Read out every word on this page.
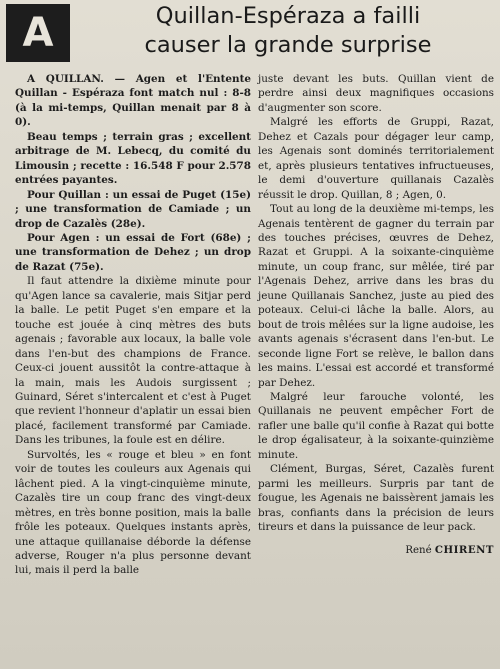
A	Quillan-Espéraza a failli
causer la grande surprise

A QUILLAN. — Agen et l'Entente Quillan - Espéraza font match nul : 8-8 (à la mi-temps, Quillan menait par 8 à 0).

Beau temps ; terrain gras ; excellent arbitrage de M. Lebecq, du comité du Limousin ; recette : 16.548 F pour 2.578 entrées payantes.

Pour Quillan : un essai de Puget (15e) ; une transformation de Camiade ; un drop de Cazalès (28e).

Pour Agen : un essai de Fort (68e) ; une transformation de Dehez ; un drop de Razat (75e).

Il faut attendre la dixième minute pour qu'Agen lance sa cavalerie, mais Sitjar perd la balle. Le petit Puget s'en empare et la touche est jouée à cinq mètres des buts agenais ; favorable aux locaux, la balle vole dans l'en-but des champions de France. Ceux-ci jouent aussitôt la contre-attaque à la main, mais les Audois surgissent ; Guinard, Séret s'intercalent et c'est à Puget que revient l'honneur d'aplatir un essai bien placé, facilement transformé par Camiade. Dans les tribunes, la foule est en délire.

Survoltés, les « rouge et bleu » en font voir de toutes les couleurs aux Agenais qui lâchent pied. A la vingt-cinquième minute, Cazalès tire un coup franc des vingt-deux mètres, en très bonne position, mais la balle frôle les poteaux. Quelques instants après, une attaque quillanaise déborde la défense adverse, Rouger n'a plus personne devant lui, mais il perd la balle

juste devant les buts. Quillan vient de perdre ainsi deux magnifiques occasions d'augmenter son score.

Malgré les efforts de Gruppi, Razat, Dehez et Cazals pour dégager leur camp, les Agenais sont dominés territorialement et, après plusieurs tentatives infructueuses, le demi d'ouverture quillanais Cazalès réussit le drop. Quillan, 8 ; Agen, 0.

Tout au long de la deuxième mi-temps, les Agenais tentèrent de gagner du terrain par des touches précises, œuvres de Dehez, Razat et Gruppi. A la soixante-cinquième minute, un coup franc, sur mêlée, tiré par l'Agenais Dehez, arrive dans les bras du jeune Quillanais Sanchez, juste au pied des poteaux. Celui-ci lâche la balle. Alors, au bout de trois mêlées sur la ligne audoise, les avants agenais s'écrasent dans l'en-but. Le seconde ligne Fort se relève, le ballon dans les mains. L'essai est accordé et transformé par Dehez.

Malgré leur farouche volonté, les Quillanais ne peuvent empêcher Fort de rafler une balle qu'il confie à Razat qui botte le drop égalisateur, à la soixante-quinzième minute.

Clément, Burgas, Séret, Cazalès furent parmi les meilleurs. Surpris par tant de fougue, les Agenais ne baissèrent jamais les bras, confiants dans la précision de leurs tireurs et dans la puissance de leur pack.

René CHIRENT
